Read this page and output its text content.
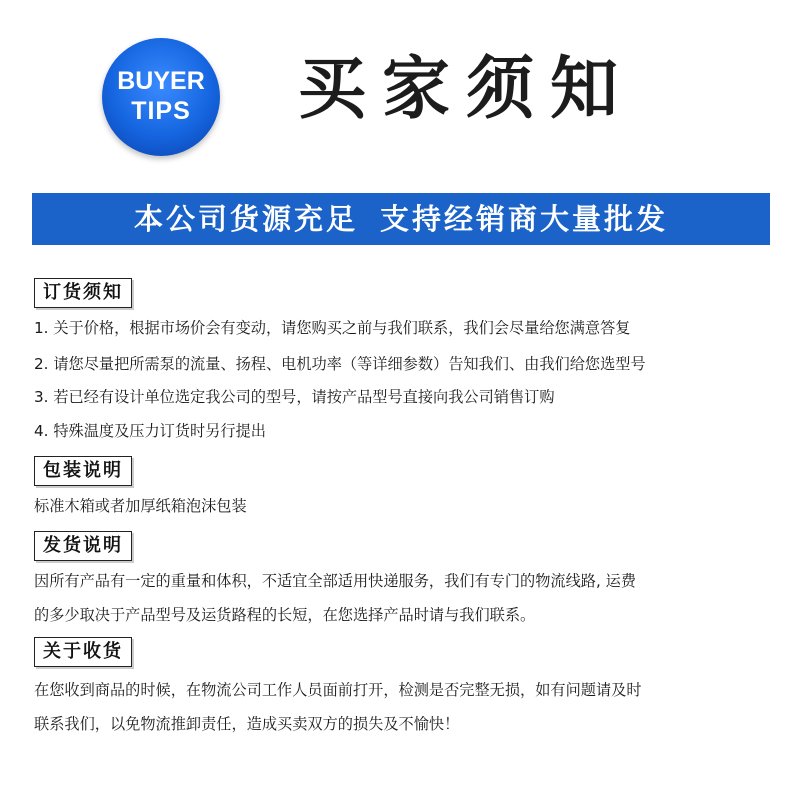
BUYER
TIPS	买家须知
本公司货源充足 支持经销商大量批发
订货须知
1. 关于价格，根据市场价会有变动，请您购买之前与我们联系，我们会尽量给您满意答复
2. 请您尽量把所需泵的流量、扬程、电机功率（等详细参数）告知我们、由我们给您选型号
3. 若已经有设计单位选定我公司的型号，请按产品型号直接向我公司销售订购
4. 特殊温度及压力订货时另行提出
包装说明
标准木箱或者加厚纸箱泡沫包装
发货说明
因所有产品有一定的重量和体积，不适宜全部适用快递服务，我们有专门的物流线路, 运费
的多少取决于产品型号及运货路程的长短，在您选择产品时请与我们联系。
关于收货
在您收到商品的时候，在物流公司工作人员面前打开，检测是否完整无损，如有问题请及时
联系我们，以免物流推卸责任，造成买卖双方的损失及不愉快！
